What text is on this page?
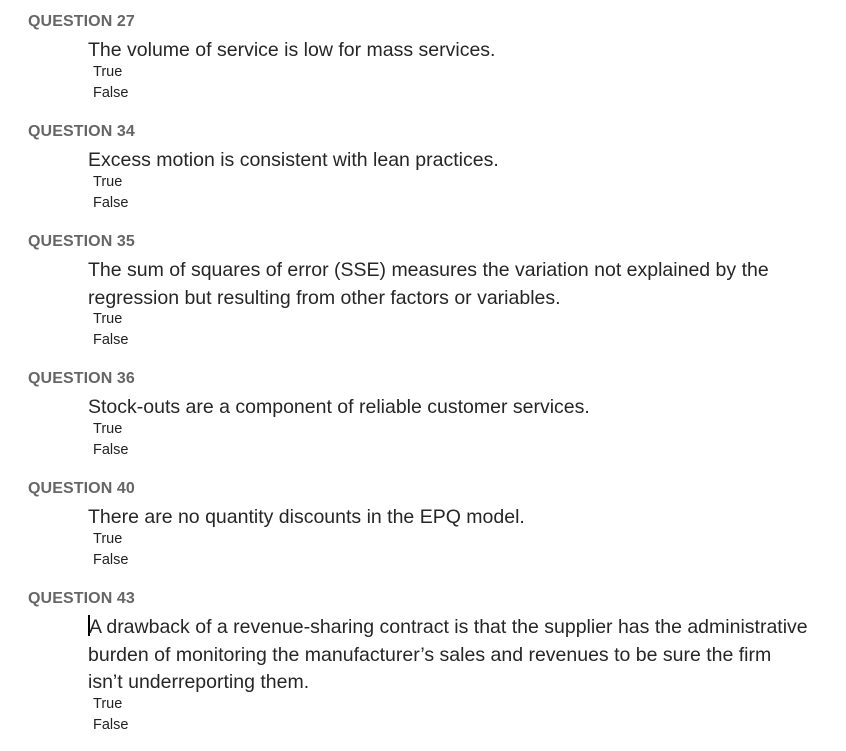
QUESTION 27
The volume of service is low for mass services.
True
False
QUESTION 34
Excess motion is consistent with lean practices.
True
False
QUESTION 35
The sum of squares of error (SSE) measures the variation not explained by the regression but resulting from other factors or variables.
True
False
QUESTION 36
Stock-outs are a component of reliable customer services.
True
False
QUESTION 40
There are no quantity discounts in the EPQ model.
True
False
QUESTION 43
A drawback of a revenue-sharing contract is that the supplier has the administrative burden of monitoring the manufacturer’s sales and revenues to be sure the firm isn’t underreporting them.
True
False
